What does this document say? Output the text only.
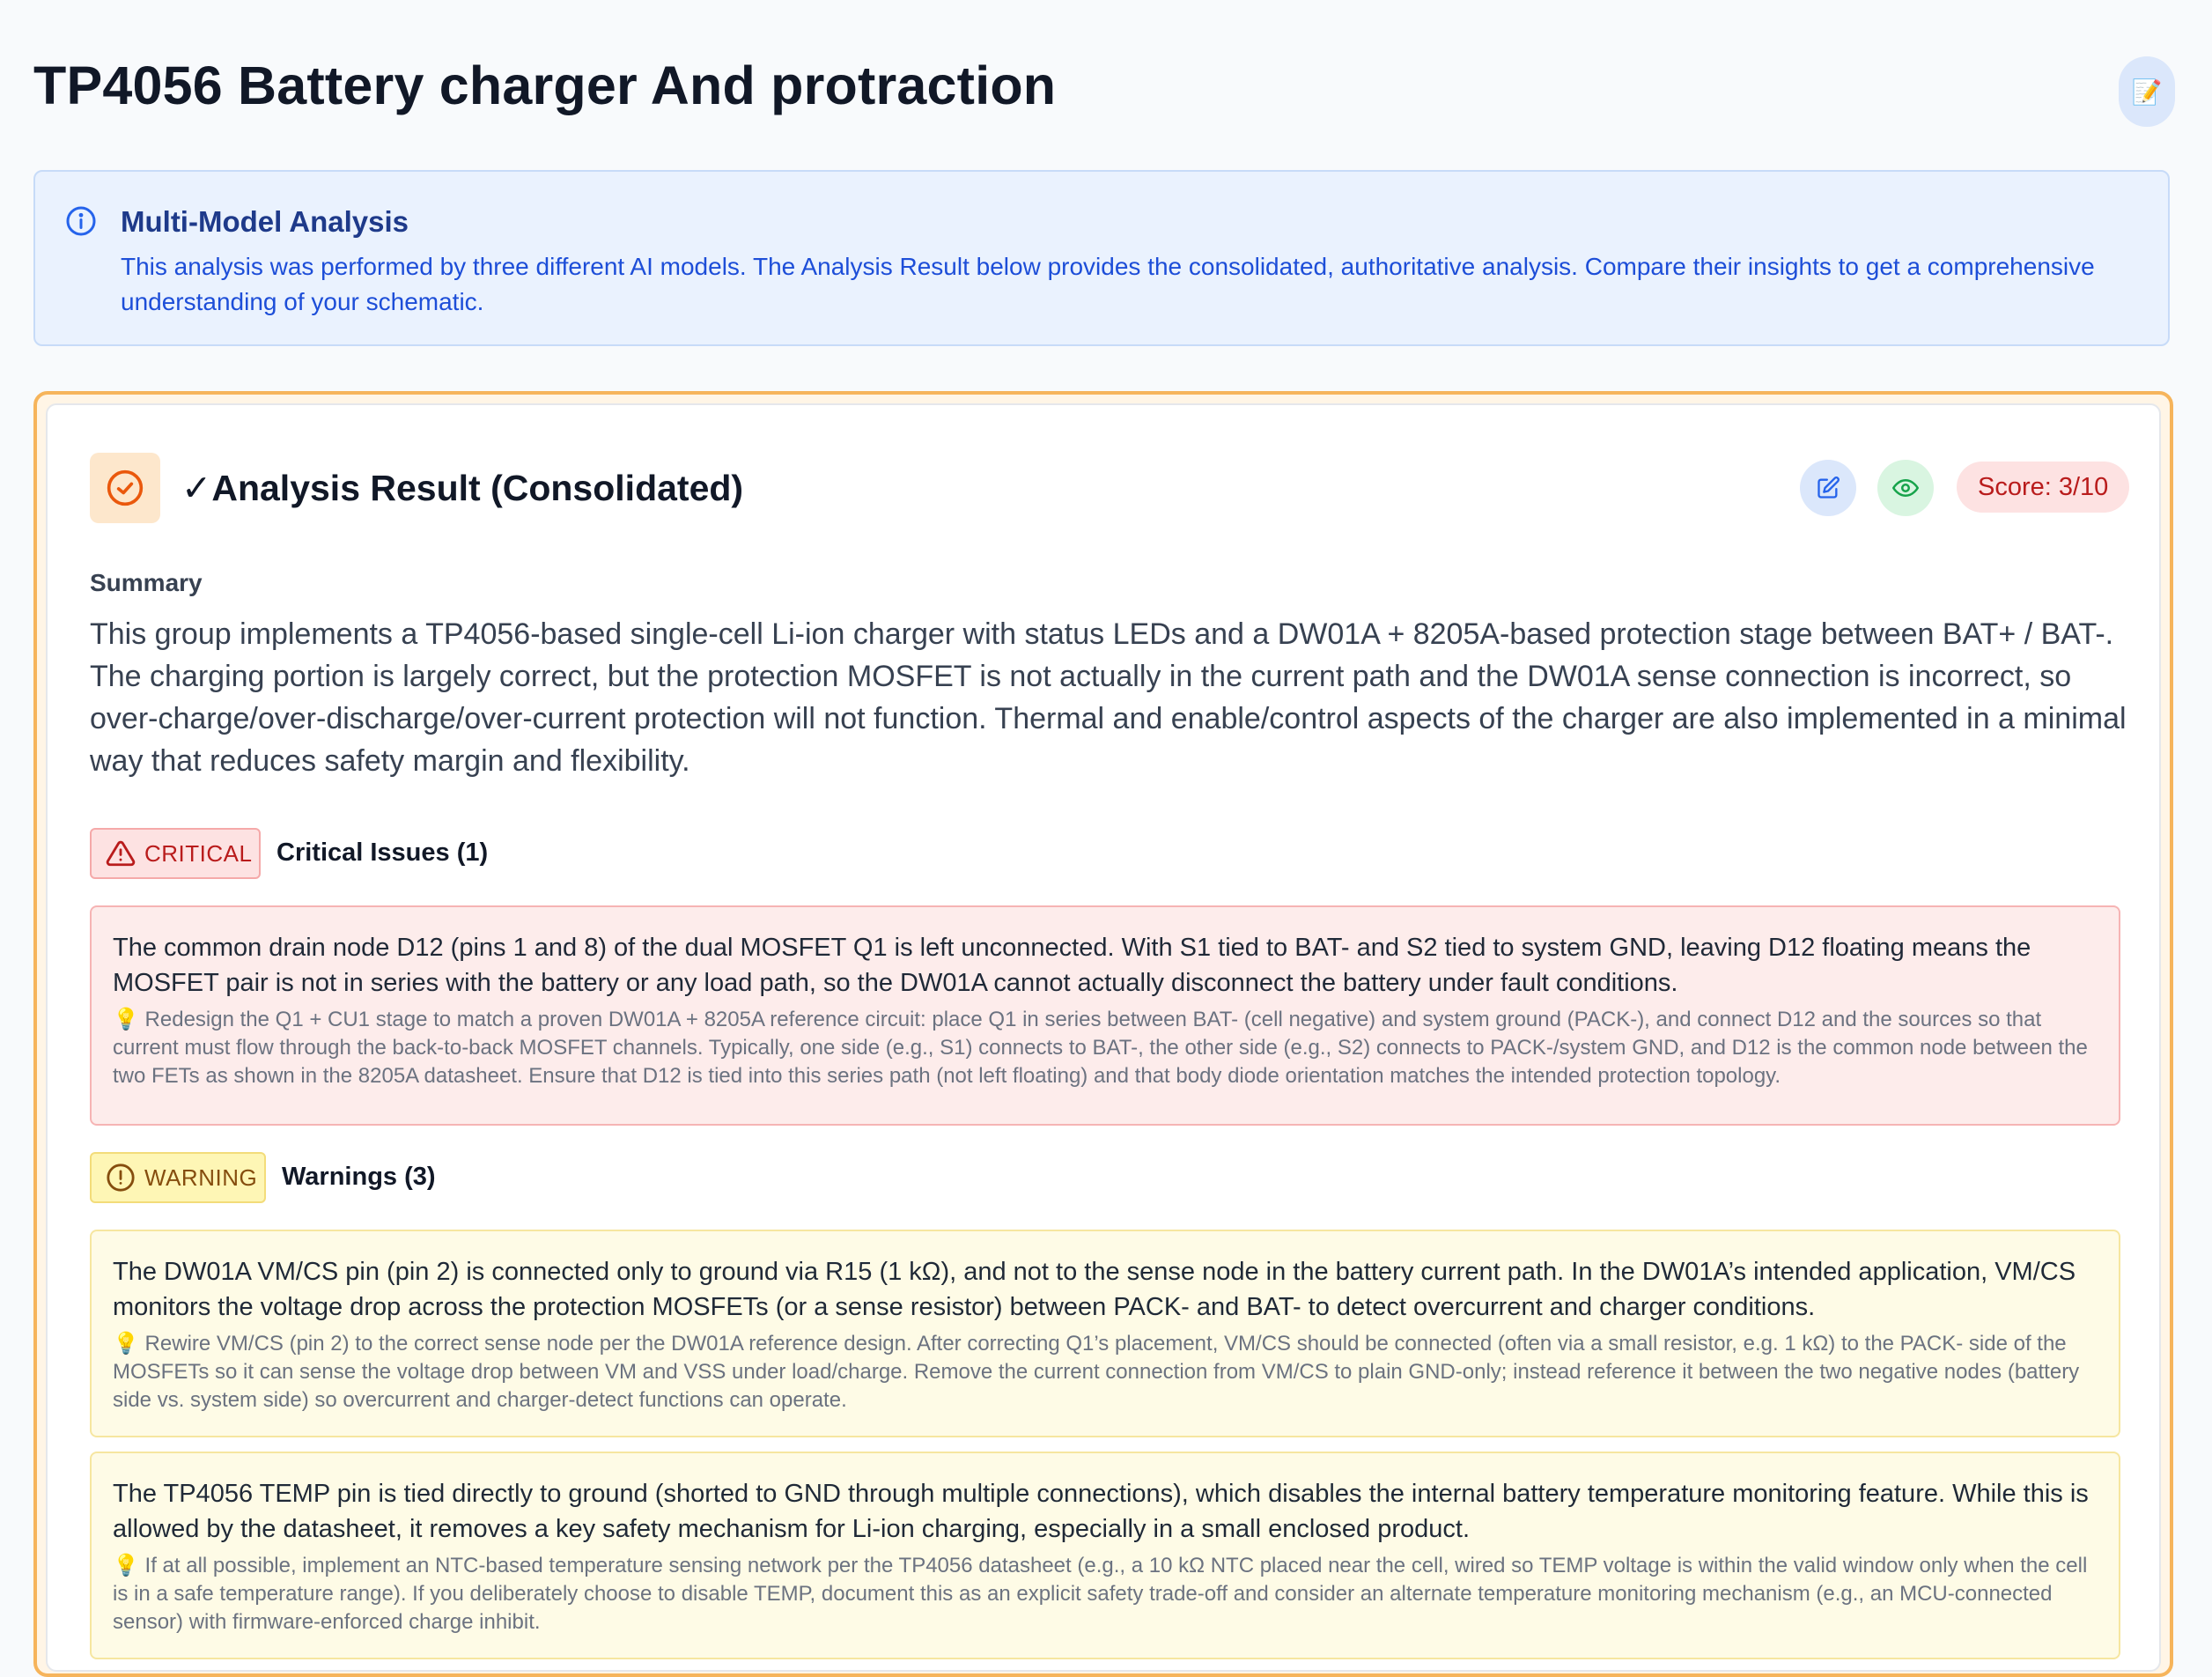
TP4056 Battery charger And protraction	📝
Multi-Model Analysis
This analysis was performed by three different AI models. The Analysis Result below provides the consolidated, authoritative analysis. Compare their insights to get a comprehensive understanding of your schematic.
✓Analysis Result (Consolidated)	Score: 3/10
Summary
This group implements a TP4056-based single-cell Li-ion charger with status LEDs and a DW01A + 8205A-based protection stage between BAT+ / BAT-. The charging portion is largely correct, but the protection MOSFET is not actually in the current path and the DW01A sense connection is incorrect, so over-charge/over-discharge/over-current protection will not function. Thermal and enable/control aspects of the charger are also implemented in a minimal way that reduces safety margin and flexibility.
CRITICAL Critical Issues (1)
The common drain node D12 (pins 1 and 8) of the dual MOSFET Q1 is left unconnected. With S1 tied to BAT- and S2 tied to system GND, leaving D12 floating means the MOSFET pair is not in series with the battery or any load path, so the DW01A cannot actually disconnect the battery under fault conditions.
💡 Redesign the Q1 + CU1 stage to match a proven DW01A + 8205A reference circuit: place Q1 in series between BAT- (cell negative) and system ground (PACK-), and connect D12 and the sources so that current must flow through the back-to-back MOSFET channels. Typically, one side (e.g., S1) connects to BAT-, the other side (e.g., S2) connects to PACK-/system GND, and D12 is the common node between the two FETs as shown in the 8205A datasheet. Ensure that D12 is tied into this series path (not left floating) and that body diode orientation matches the intended protection topology.
WARNING Warnings (3)
The DW01A VM/CS pin (pin 2) is connected only to ground via R15 (1 kΩ), and not to the sense node in the battery current path. In the DW01A’s intended application, VM/CS monitors the voltage drop across the protection MOSFETs (or a sense resistor) between PACK- and BAT- to detect overcurrent and charger conditions.
💡 Rewire VM/CS (pin 2) to the correct sense node per the DW01A reference design. After correcting Q1’s placement, VM/CS should be connected (often via a small resistor, e.g. 1 kΩ) to the PACK- side of the MOSFETs so it can sense the voltage drop between VM and VSS under load/charge. Remove the current connection from VM/CS to plain GND-only; instead reference it between the two negative nodes (battery side vs. system side) so overcurrent and charger-detect functions can operate.
The TP4056 TEMP pin is tied directly to ground (shorted to GND through multiple connections), which disables the internal battery temperature monitoring feature. While this is allowed by the datasheet, it removes a key safety mechanism for Li-ion charging, especially in a small enclosed product.
💡 If at all possible, implement an NTC-based temperature sensing network per the TP4056 datasheet (e.g., a 10 kΩ NTC placed near the cell, wired so TEMP voltage is within the valid window only when the cell is in a safe temperature range). If you deliberately choose to disable TEMP, document this as an explicit safety trade-off and consider an alternate temperature monitoring mechanism (e.g., an MCU-connected sensor) with firmware-enforced charge inhibit.
